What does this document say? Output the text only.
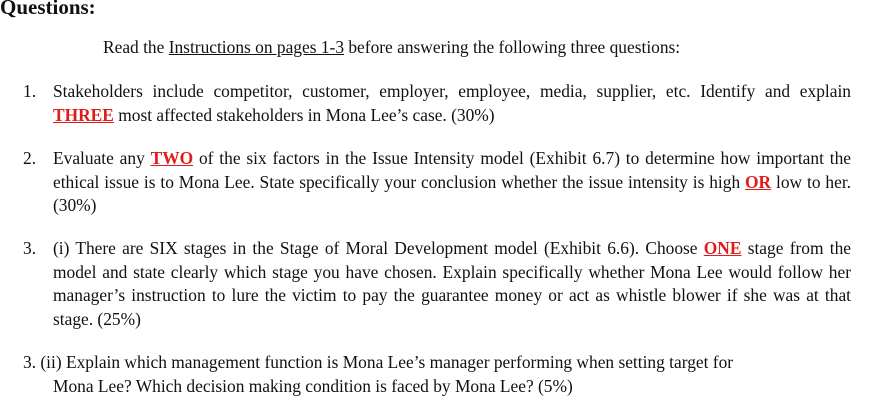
Questions:

Read the Instructions on pages 1-3 before answering the following three questions:

1. Stakeholders include competitor, customer, employer, employee, media, supplier, etc. Identify and explain THREE most affected stakeholders in Mona Lee’s case. (30%)
2. Evaluate any TWO of the six factors in the Issue Intensity model (Exhibit 6.7) to determine how important the ethical issue is to Mona Lee. State specifically your conclusion whether the issue intensity is high OR low to her. (30%)
3. (i) There are SIX stages in the Stage of Moral Development model (Exhibit 6.6). Choose ONE stage from the model and state clearly which stage you have chosen. Explain specifically whether Mona Lee would follow her manager’s instruction to lure the victim to pay the guarantee money or act as whistle blower if she was at that stage. (25%)
3. (ii) Explain which management function is Mona Lee’s manager performing when setting target for
Mona Lee? Which decision making condition is faced by Mona Lee? (5%)
